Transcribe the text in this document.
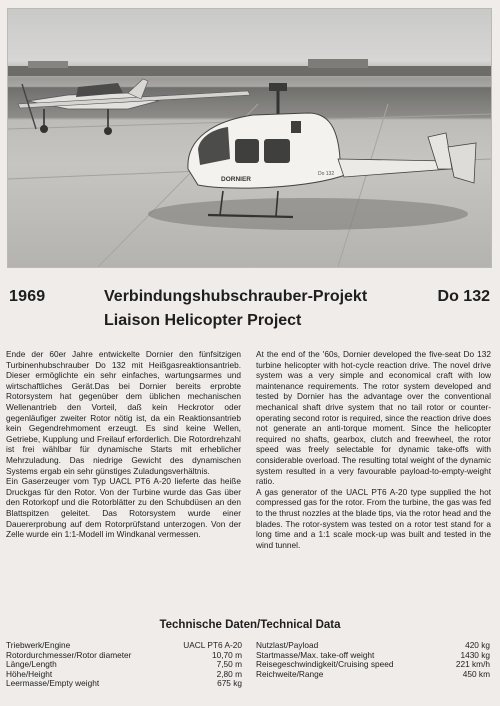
DORNIER
Do 132
1969	Verbindungshubschrauber-Projekt	Do 132
Liaison Helicopter Project

Ende der 60er Jahre entwickelte Dornier den fünfsitzigen Turbinenhubschrauber Do 132 mit Heißgasreaktionsantrieb. Dieser ermöglichte ein sehr einfaches, wartungsarmes und wirtschaftliches Gerät.Das bei Dornier bereits erprobte Rotorsystem hat gegenüber dem üblichen mechanischen Wellenantrieb den Vorteil, daß kein Heckrotor oder gegenläufiger zweiter Rotor nötig ist, da ein Reaktionsantrieb kein Gegendrehmoment erzeugt. Es sind keine Wellen, Getriebe, Kupplung und Freilauf erforderlich. Die Rotordrehzahl ist frei wählbar für dynamische Starts mit erheblicher Mehrzuladung. Das niedrige Gewicht des dynamischen Systems ergab ein sehr günstiges Zuladungsverhältnis.

Ein Gaserzeuger vom Typ UACL PT6 A-20 lieferte das heiße Druckgas für den Rotor. Von der Turbine wurde das Gas über den Rotorkopf und die Rotorblätter zu den Schubdüsen an den Blattspitzen geleitet. Das Rotorsystem wurde einer Dauererprobung auf dem Rotorprüfstand unterzogen. Von der Zelle wurde ein 1:1-Modell im Windkanal vermessen.

At the end of the '60s, Dornier developed the five-seat Do 132 turbine helicopter with hot-cycle reaction drive. The novel drive system was a very simple and economical craft with low maintenance requirements. The rotor system developed and tested by Dornier has the advantage over the conventional mechanical shaft drive system that no tail rotor or counter-operating second rotor is required, since the reaction drive does not generate an anti-torque moment. Since the helicopter required no shafts, gearbox, clutch and freewheel, the rotor speed was freely selectable for dynamic take-offs with considerable overload. The resulting total weight of the dynamic system resulted in a very favourable payload-to-empty-weight ratio.

A gas generator of the UACL PT6 A-20 type supplied the hot compressed gas for the rotor. From the turbine, the gas was fed to the thrust nozzles at the blade tips, via the rotor head and the blades. The rotor-system was tested on a rotor test stand for a long time and a 1:1 scale mock-up was built and tested in the wind tunnel.

Technische Daten/Technical Data
Triebwerk/Engine	UACL PT6 A-20
Rotordurchmesser/Rotor diameter	10,70 m
Länge/Length	7,50 m
Höhe/Height	2,80 m
Leermasse/Empty weight	675 kg
Nutzlast/Payload	420 kg
Startmasse/Max. take-off weight	1430 kg
Reisegeschwindigkeit/Cruising speed	221 km/h
Reichweite/Range	450 km
